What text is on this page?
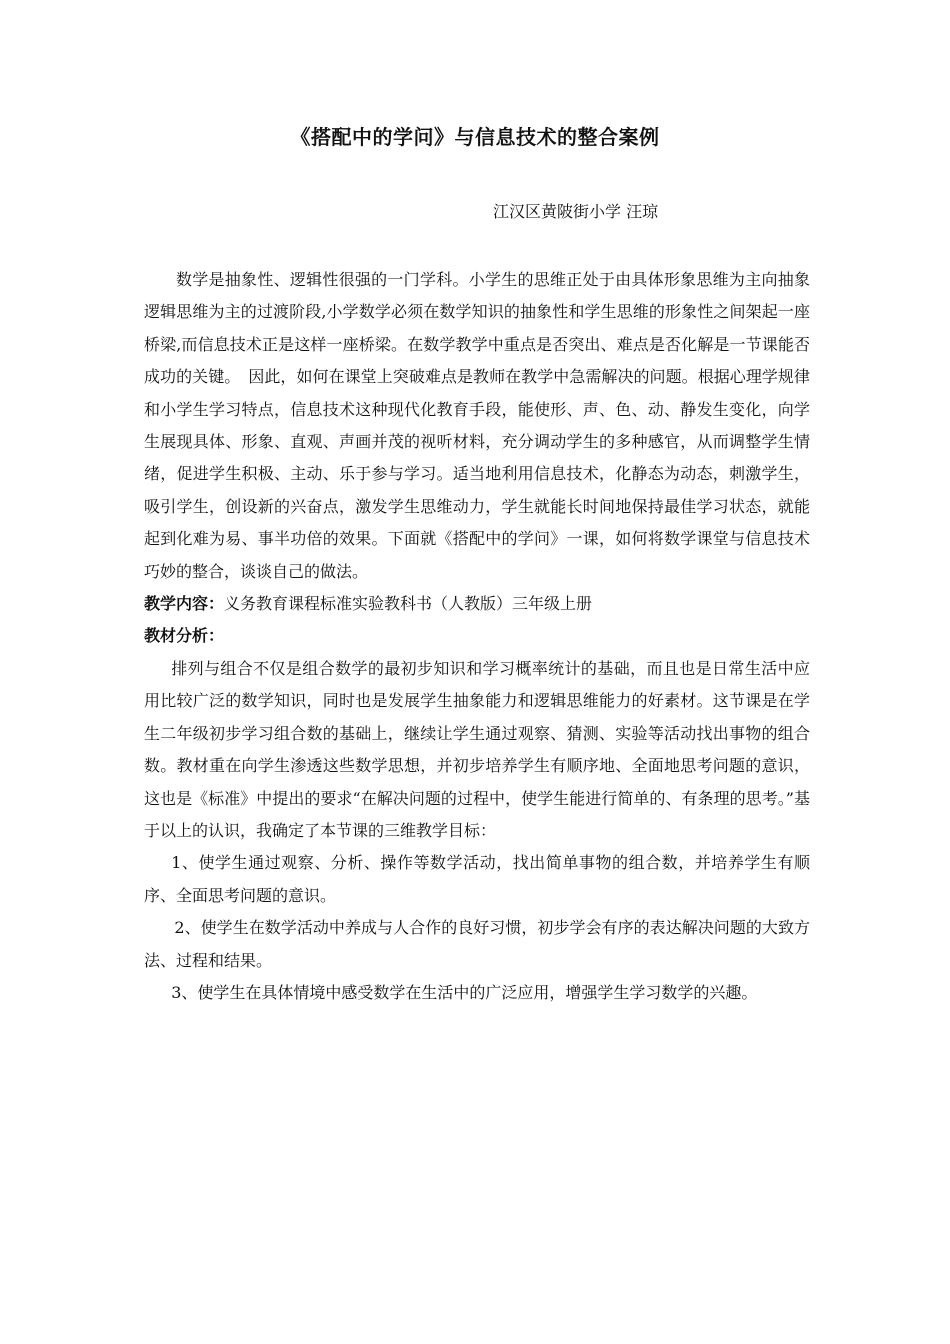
《搭配中的学问》与信息技术的整合案例
江汉区黄陂街小学 汪琼

数学是抽象性、逻辑性很强的一门学科。小学生的思维正处于由具体形象思维为主向抽象逻辑思维为主的过渡阶段,小学数学必须在数学知识的抽象性和学生思维的形象性之间架起一座桥梁,而信息技术正是这样一座桥梁。在数学教学中重点是否突出、难点是否化解是一节课能否成功的关键。　因此，如何在课堂上突破难点是教师在教学中急需解决的问题。根据心理学规律和小学生学习特点，信息技术这种现代化教育手段，能使形、声、色、动、静发生变化，向学生展现具体、形象、直观、声画并茂的视听材料，充分调动学生的多种感官，从而调整学生情绪，促进学生积极、主动、乐于参与学习。适当地利用信息技术，化静态为动态，刺激学生，吸引学生，创设新的兴奋点，激发学生思维动力，学生就能长时间地保持最佳学习状态，就能起到化难为易、事半功倍的效果。下面就《搭配中的学问》一课，如何将数学课堂与信息技术巧妙的整合，谈谈自己的做法。

教学内容：义务教育课程标准实验教科书（人教版）三年级上册

教材分析：

排列与组合不仅是组合数学的最初步知识和学习概率统计的基础，而且也是日常生活中应用比较广泛的数学知识，同时也是发展学生抽象能力和逻辑思维能力的好素材。这节课是在学生二年级初步学习组合数的基础上，继续让学生通过观察、猜测、实验等活动找出事物的组合数。教材重在向学生渗透这些数学思想，并初步培养学生有顺序地、全面地思考问题的意识，这也是《标准》中提出的要求“在解决问题的过程中，使学生能进行简单的、有条理的思考。”基于以上的认识，我确定了本节课的三维教学目标：

1、使学生通过观察、分析、操作等数学活动，找出简单事物的组合数，并培养学生有顺序、全面思考问题的意识。

2、使学生在数学活动中养成与人合作的良好习惯，初步学会有序的表达解决问题的大致方法、过程和结果。

3、使学生在具体情境中感受数学在生活中的广泛应用，增强学生学习数学的兴趣。
